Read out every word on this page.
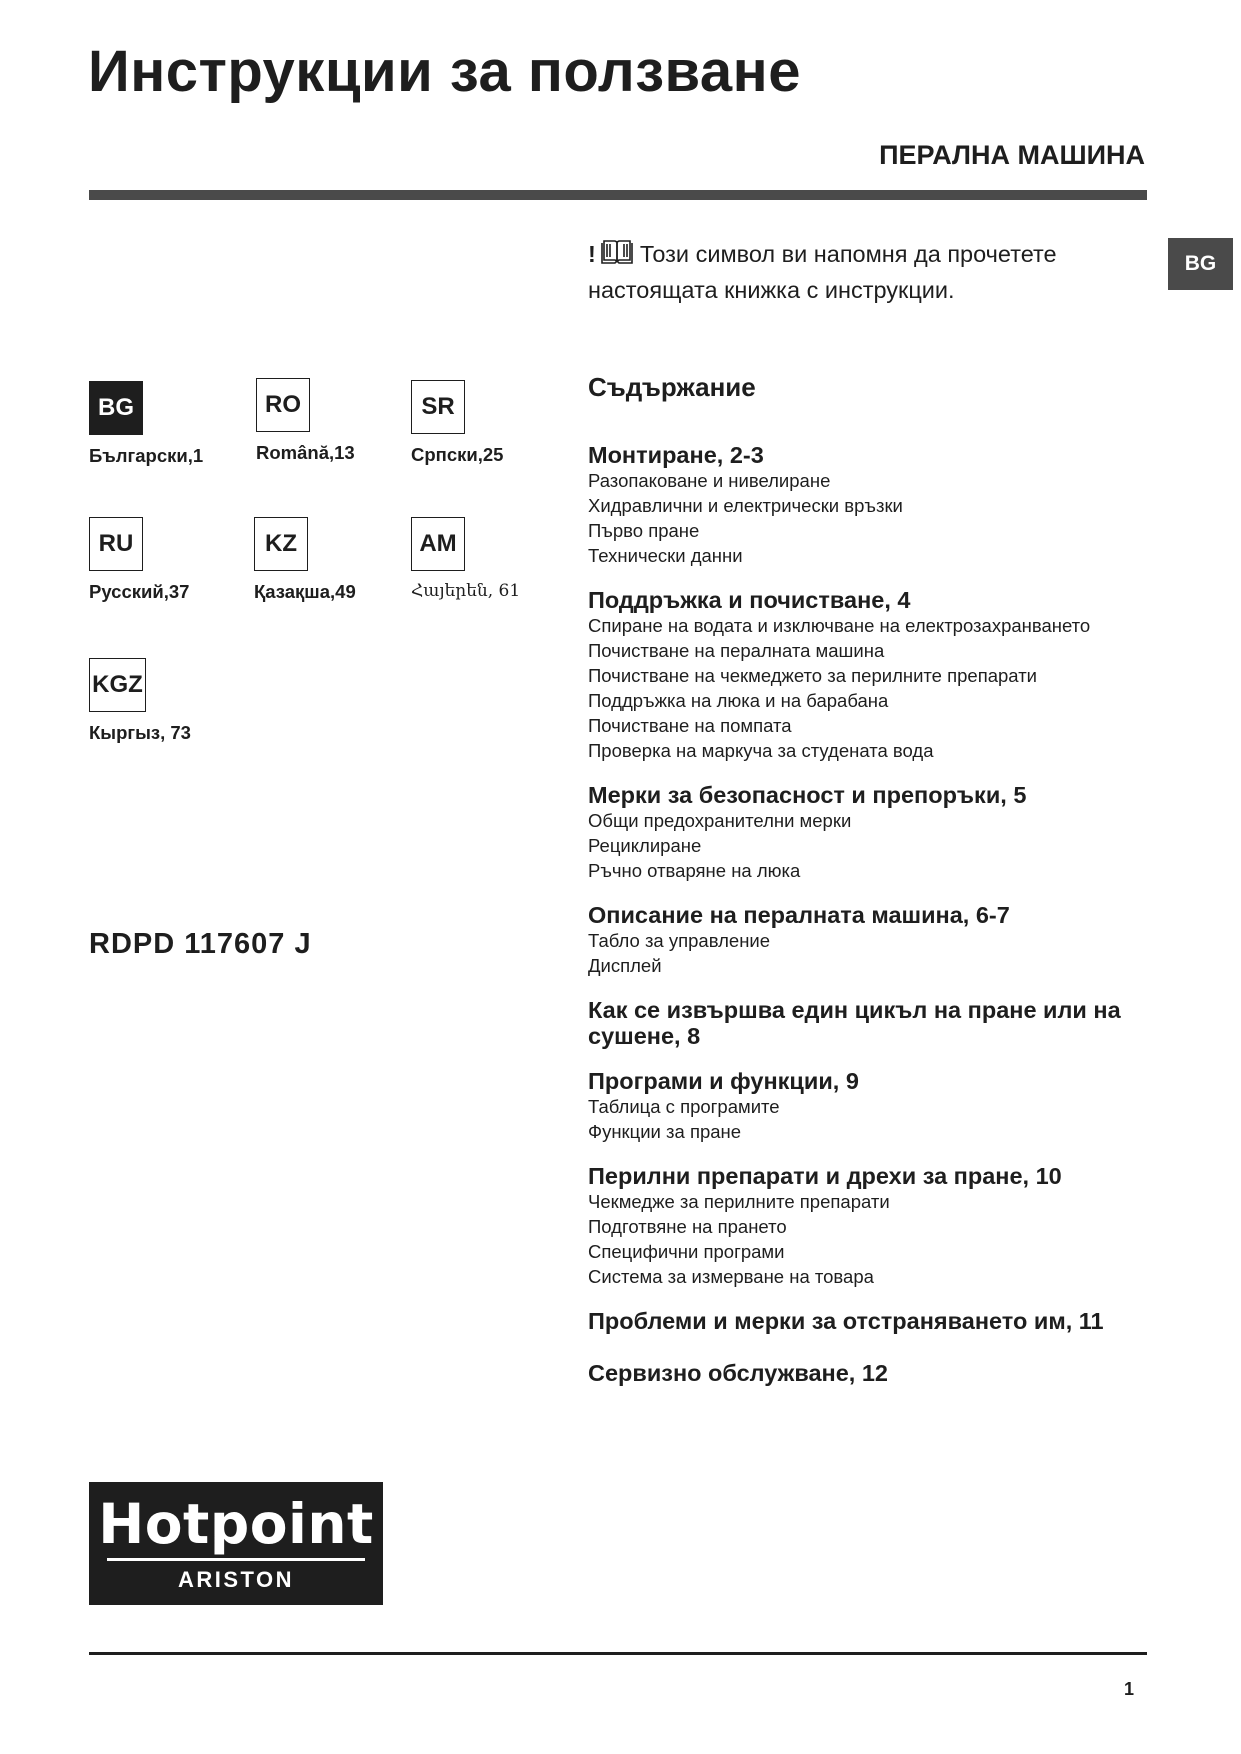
Инструкции за ползване
ПЕРАЛНА МАШИНА
BG
! Този символ ви напомня да прочетете настоящата книжка с инструкции.
BG
Български,1
RO
Română,13
SR
Српски,25
RU
Русский,37
KZ
Қазақша,49
AM
Հայերեն, 61
KGZ
Кыргыз, 73
RDPD 117607 J
Съдържание
Монтиране, 2-3
Разопаковане и нивелиране
Хидравлични и електрически връзки
Първо пране
Технически данни
Поддръжка и почистване, 4
Спиране на водата и изключване на електрозахранването
Почистване на пералната машина
Почистване на чекмеджето за перилните препарати
Поддръжка на люка и на барабана
Почистване на помпата
Проверка на маркуча за студената вода
Мерки за безопасност и препоръки, 5
Общи предохранителни мерки
Рециклиране
Ръчно отваряне на люка
Описание на пералната машина, 6-7
Табло за управление
Дисплей
Как се извършва един цикъл на пране или на сушене, 8
Програми и функции, 9
Таблица с програмите
Функции за пране
Перилни препарати и дрехи за пране, 10
Чекмедже за перилните препарати
Подготвяне на прането
Специфични програми
Система за измерване на товара
Проблеми и мерки за отстраняването им, 11
Сервизно обслужване, 12
Hotpoint
ARISTON
1
